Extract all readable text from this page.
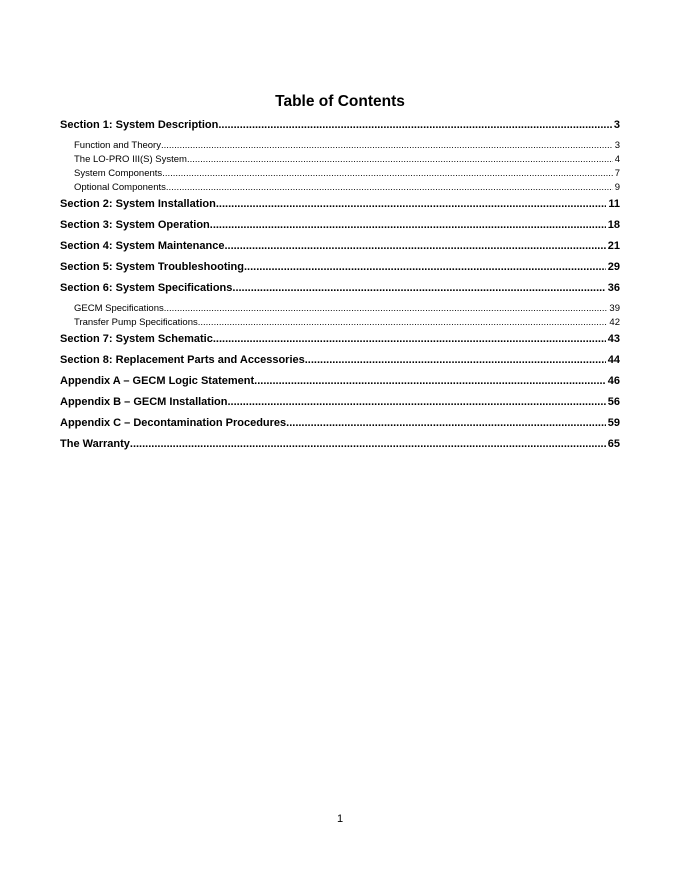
Table of Contents
Section 1: System Description .....	3
Function and Theory .....	3
The LO-PRO III(S) System .....	4
System Components .....	7
Optional Components .....	9
Section 2: System Installation .....	11
Section 3: System Operation .....	18
Section 4: System Maintenance .....	21
Section 5: System Troubleshooting .....	29
Section 6: System Specifications .....	36
GECM Specifications .....	39
Transfer Pump Specifications .....	42
Section 7: System Schematic .....	43
Section 8: Replacement Parts and Accessories .....	44
Appendix A – GECM Logic Statement .....	46
Appendix B – GECM Installation .....	56
Appendix C – Decontamination Procedures .....	59
The Warranty .....	65
1
